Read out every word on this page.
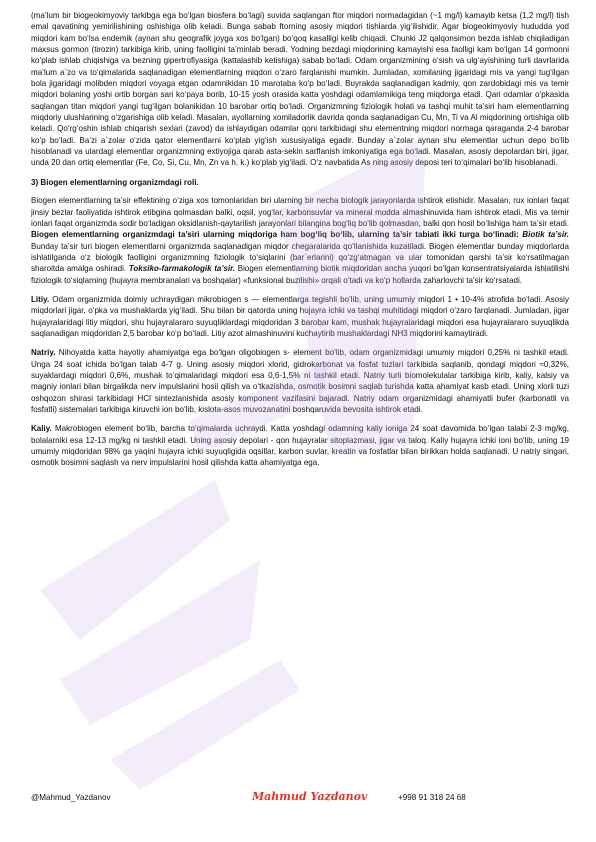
(ma’lum bir biogeokimyoviy tarkibga ega bo‘lgan biosfera bo‘lagi) suvida saqlangan ftor miqdori normadagidan (~1 mg/l) kamayib ketsa (1,2 mg/l) tish emal qavatining yemirilishining oshishiga olib keladi. Bunga sabab ftorning asosiy miqdori tishlarda yig‘ilishidir. Agar biogeokimyoviy hududda yod miqdori kam bo‘lsa endemik (aynan shu geografik joyga xos bo‘lgan) bo‘qoq kasalligi kelib chiqadi. Chunki J2 qalqonsimon bezda ishlab chiqiladigan maxsus gormon (tirozin) tarkibiga kirib, uning faolligini ta’minlab beradi. Yodning bezdagi miqdorining kamayishi esa faolligi kam bo‘lgan 14 gormonni ko‘plab ishlab chiqishiga va bezning gipertrofiyasiga (kattalashib ketishiga) sabab bo‘ladi. Odam organizmining o‘sish va ulg‘ayishining turli davrlarida ma’lum a`zo va to‘qimalarida saqlanadigan elementlarning miqdori o‘zaro farqlanishi mumkin. Jumladan, xomilaning jigaridagi mis va yangi tug‘ilgan bola jigaridagi molibden miqdori voyaga etgan odamnikidan 10 marotaba ko‘p bo‘ladi. Buyrakda saqlanadigan kadmiy, qon zardobidagi mis va temir miqdori bolaning yoshi ortib borgan sari ko‘paya borib, 10-15 yosh orasida katta yoshdagi odamlarnikiga teng miqdorga etadi. Qari odamlar o‘pkasida saqlangan titan miqdori yangi tug‘ilgan bolanikidan 10 barobar ortiq bo‘ladi. Organizmning fiziologik holati va tashqi muhit ta’siri ham elementlarning miqdoriy ulushlarining o‘zgarishiga olib keladi. Masalan, ayollarning xomiladorlik davrida qonda saqlanadigan Cu, Mn, Ti va Al miqdorining ortishiga olib keladi. Qo‘rg‘oshin ishlab chiqarish sexlari (zavod) da ishlaydigan odamlar qoni tarkibidagi shu elementning miqdori normaga qaraganda 2-4 barobar ko‘p bo‘ladi. Ba’zi a`zolar o‘zida qator elementlarni ko‘plab yig‘ish xususiyatiga egadir. Bunday a`zolar aynan shu elementlar uchun depo bo‘lib hisoblanadi va ulardagi elementlar organizmning extiyojiga qarab asta-sekin sarflanish imkoniyatiga ega bo‘ladi. Masalan, asosiy depolardan biri, jigar, unda 20 dan ortiq elementlar (Fe, Co, Si, Cu, Mn, Zn va h. k.) ko‘plab yig‘iladi. O‘z navbatida As ning asosiy deposi teri to‘qimalari bo‘lib hisoblanadi.

3) Biogen elementlarning organizmdagi roli.

Biogen elementlarning ta’sir effektining o‘ziga xos tomonlaridan biri ularning bir necha biologik jarayonlarda ishtirok etishidir. Masalan, rux ionlari faqat jinsiy bezlar faoliyatida ishtirok etibgina qolmasdan balki, oqsil, yog‘lar, karbonsuvlar va mineral modda almashinuvida ham ishtirok etadi. Mis va temir ionlari faqat organizmda sodir bo‘ladigan oksidlanish-qaytarilish jarayonlari bilangina bog‘liq bo‘lib qolmasdan, balki qon hosil bo‘lishiga ham ta’sir etadi. Biogen elementlarning organizmdagi ta’siri ularning miqdoriga ham bog‘liq bo‘lib, ularning ta’sir tabiati ikki turga bo‘linadi: Biotik ta’sir. Bunday ta’sir turi biogen elementlarni organizmda saqlanadigan miqdor chegaralarida qo‘llanishida kuzatiladi. Biogen elementlar bunday miqdorlarda ishlatilganda o‘z biologik faolligini organizmning fiziologik to‘siqlarini (bar`erlarini) qo‘zg‘atmagan va ular tomonidan qarshi ta’sir ko‘rsatilmagan sharoitda amalga oshiradi. Toksiko-farmakologik ta’sir. Biogen elementlarning biotik miqdoridan ancha yuqori bo‘lgan konsentratsiyalarda ishlatilishi fiziologik to‘siqlarning (hujayra membranalari va boshqalar) «funksional buzilishi» orqali o‘tadi va ko‘p hollarda zaharlovchi ta’sir ko‘rsatadi.

Litiy. Odam organizmida doimiy uchraydigan mikrobiogen s — elementlarga tegishli bo‘lib, uning umumiy miqdori 1 • 10-4% atrofida bo‘ladi. Asosiy miqdorlari jigar, o‘pka va mushaklarda yig‘iladi. Shu bilan bir qatorda uning hujayra ichki va tashqi muhitidagi miqdori o‘zaro farqlanadi. Jumladan, jigar hujayralaridagi litiy miqdori, shu hujayralararo suyuqliklardagi miqdoridan 3 barobar kam, mushak hujayralaridagi miqdori esa hujayralararo suyuqlikda saqlanadigan miqdoridan 2,5 barobar ko‘p bo‘ladi. Litiy azot almashinuvini kuchaytirib mushaklardagi NH3 miqdorini kamaytiradi.

Natriy. Nihoyatda katta hayotiy ahamiyatga ega bo‘lgan oligobiogen s- element bo‘lib, odam organizmidagi umumiy miqdori 0,25% ni tashkil etadi. Unga 24 soat ichida bo‘lgan talab 4-7 g. Uning asosiy miqdori xlorid, gidrokarbonat va fosfat tuzlari tarkibida saqlanib, qondagi miqdori ≈0,32%, suyaklardagi miqdori 0,6%, mushak to‘qimalaridagi miqdori esa 0,6-1,5% ni tashkil etadi. Natriy turli biomolekulalar tarkibiga kirib, kaliy, kalsiy va magniy ionlari bilan birgalikda nerv impulslarini hosil qilish va o‘tkazishda, osmotik bosimni saqlab turishda katta ahamiyat kasb etadi. Uning xlorli tuzi oshqozon shirasi tarkibidagi HCl sintezlanishida asosiy komponent vazifasini bajaradi. Natriy odam organizmidagi ahamiyatli bufer (karbonatli va fosfatli) sistemalari tarkibiga kiruvchi ion bo‘lib, kislota-asos muvozanatini boshqaruvida bevosita ishtirok etadi.

Kaliy. Makrobiogen element bo‘lib, barcha to‘qimalarda uchraydi. Katta yoshdagi odamning kaliy ioniga 24 soat davomida bo‘lgan talabi 2-3 mg/kg, bolalarniki esa 12-13 mg/kg ni tashkil etadi. Uning asosiy depolari - qon hujayralar sitoplazmasi, jigar va taloq. Kaliy hujayra ichki ioni bo‘lib, uning 19 umumiy miqdoridan 98% ga yaqini hujayra ichki suyuqligida oqsillar, karbon suvlar, kreatin va fosfatlar bilan birikkan holda saqlanadi. U natriy singari, osmotik bosimni saqlash va nerv impulslarini hosil qilishda katta ahamiyatga ega.

@Mahmud_Yazdanov	Mahmud Yazdanov	+998 91 318 24 68
